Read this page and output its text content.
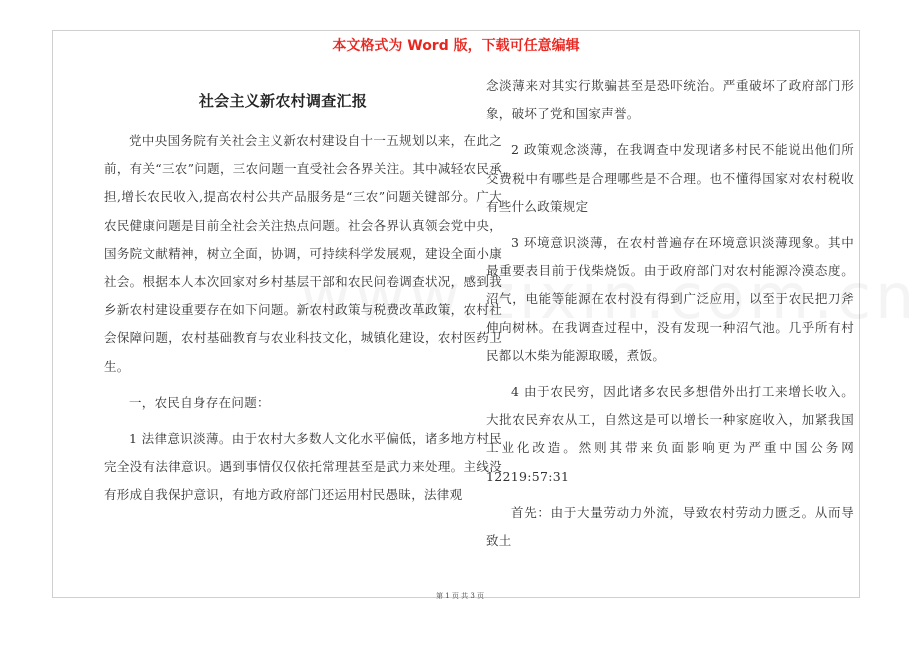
本文格式为 Word 版，下载可任意编辑
社会主义新农村调查汇报

党中央国务院有关社会主义新农村建设自十一五规划以来，在此之前，有关“三农”问题，三农问题一直受社会各界关注。其中减轻农民承担,增长农民收入,提高农村公共产品服务是“三农”问题关键部分。广大农民健康问题是目前全社会关注热点问题。社会各界认真领会党中央，国务院文献精神，树立全面，协调，可持续科学发展观，建设全面小康社会。根据本人本次回家对乡村基层干部和农民问卷调查状况，感到我乡新农村建设重要存在如下问题。新农村政策与税费改革政策，农村社会保障问题，农村基础教育与农业科技文化，城镇化建设，农村医药卫生。

一，农民自身存在问题：

1 法律意识淡薄。由于农村大多数人文化水平偏低，诸多地方村民完全没有法律意识。遇到事情仅仅依托常理甚至是武力来处理。主线没有形成自我保护意识，有地方政府部门还运用村民愚昧，法律观

念淡薄来对其实行欺骗甚至是恐吓统治。严重破坏了政府部门形象，破坏了党和国家声誉。

2 政策观念淡薄，在我调查中发现诸多村民不能说出他们所交费税中有哪些是合理哪些是不合理。也不懂得国家对农村税收有些什么政策规定

3 环境意识淡薄，在农村普遍存在环境意识淡薄现象。其中最重要表目前于伐柴烧饭。由于政府部门对农村能源冷漠态度。沼气，电能等能源在农村没有得到广泛应用，以至于农民把刀斧伸向树林。在我调查过程中，没有发现一种沼气池。几乎所有村民都以木柴为能源取暖，煮饭。

4 由于农民穷，因此诸多农民多想借外出打工来增长收入。大批农民弃农从工，自然这是可以增长一种家庭收入，加紧我国工业化改造。然则其带来负面影响更为严重中国公务网 12219:57:31

首先：由于大量劳动力外流，导致农村劳动力匮乏。从而导致土

第 1 页 共 3 页
